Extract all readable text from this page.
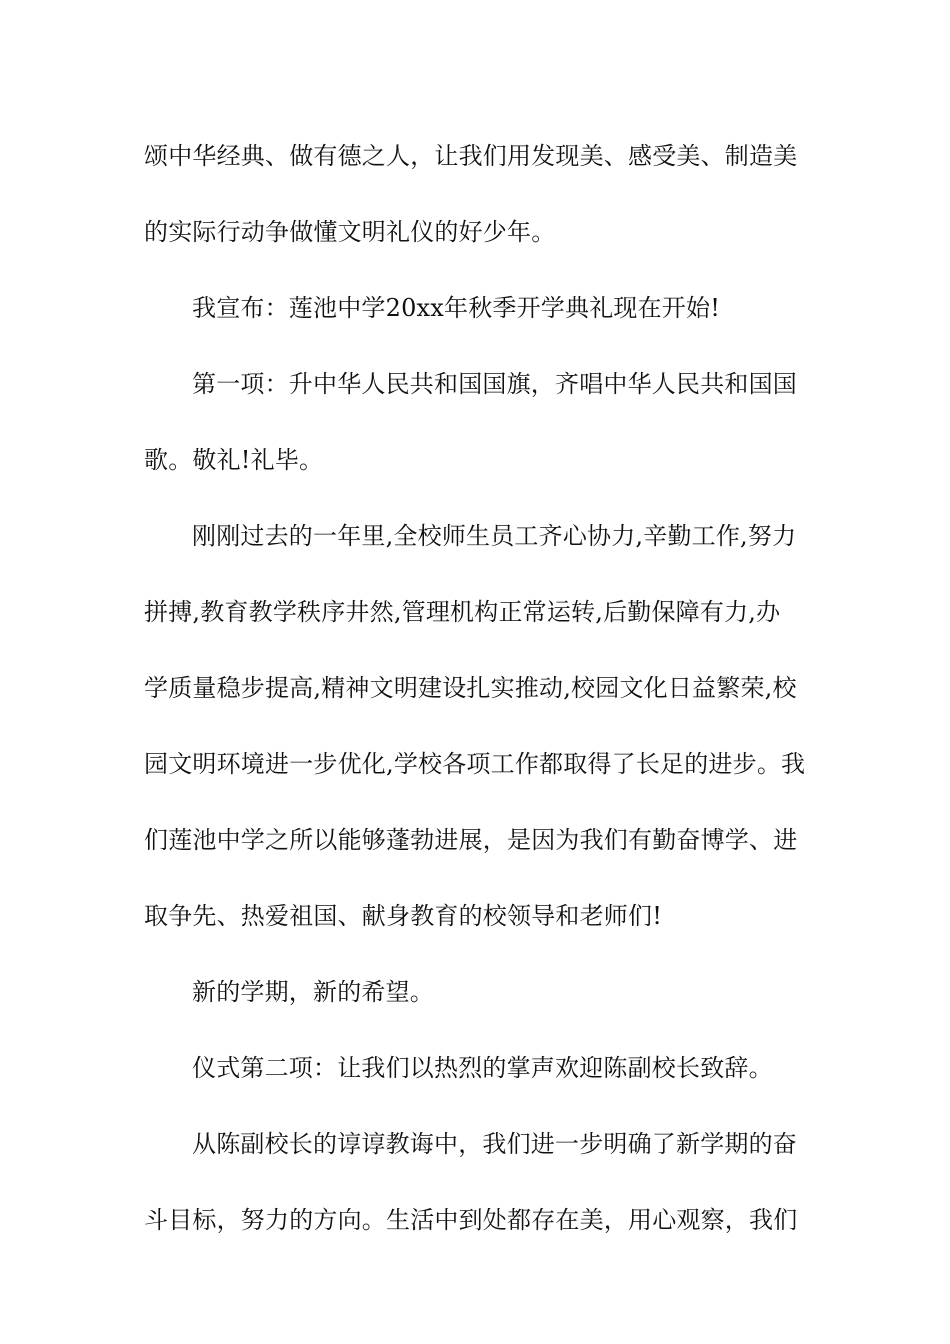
颂中华经典、做有德之人，让我们用发现美、感受美、制造美
的实际行动争做懂文明礼仪的好少年。
我宣布：莲池中学20xx年秋季开学典礼现在开始!
第一项：升中华人民共和国国旗，齐唱中华人民共和国国
歌。敬礼!礼毕。
刚刚过去的一年里,全校师生员工齐心协力,辛勤工作,努力
拼搏,教育教学秩序井然,管理机构正常运转,后勤保障有力,办
学质量稳步提高,精神文明建设扎实推动,校园文化日益繁荣,校
园文明环境进一步优化,学校各项工作都取得了长足的进步。我
们莲池中学之所以能够蓬勃进展，是因为我们有勤奋博学、进
取争先、热爱祖国、献身教育的校领导和老师们!
新的学期，新的希望。
仪式第二项：让我们以热烈的掌声欢迎陈副校长致辞。
从陈副校长的谆谆教诲中，我们进一步明确了新学期的奋
斗目标，努力的方向。生活中到处都存在美，用心观察，我们
